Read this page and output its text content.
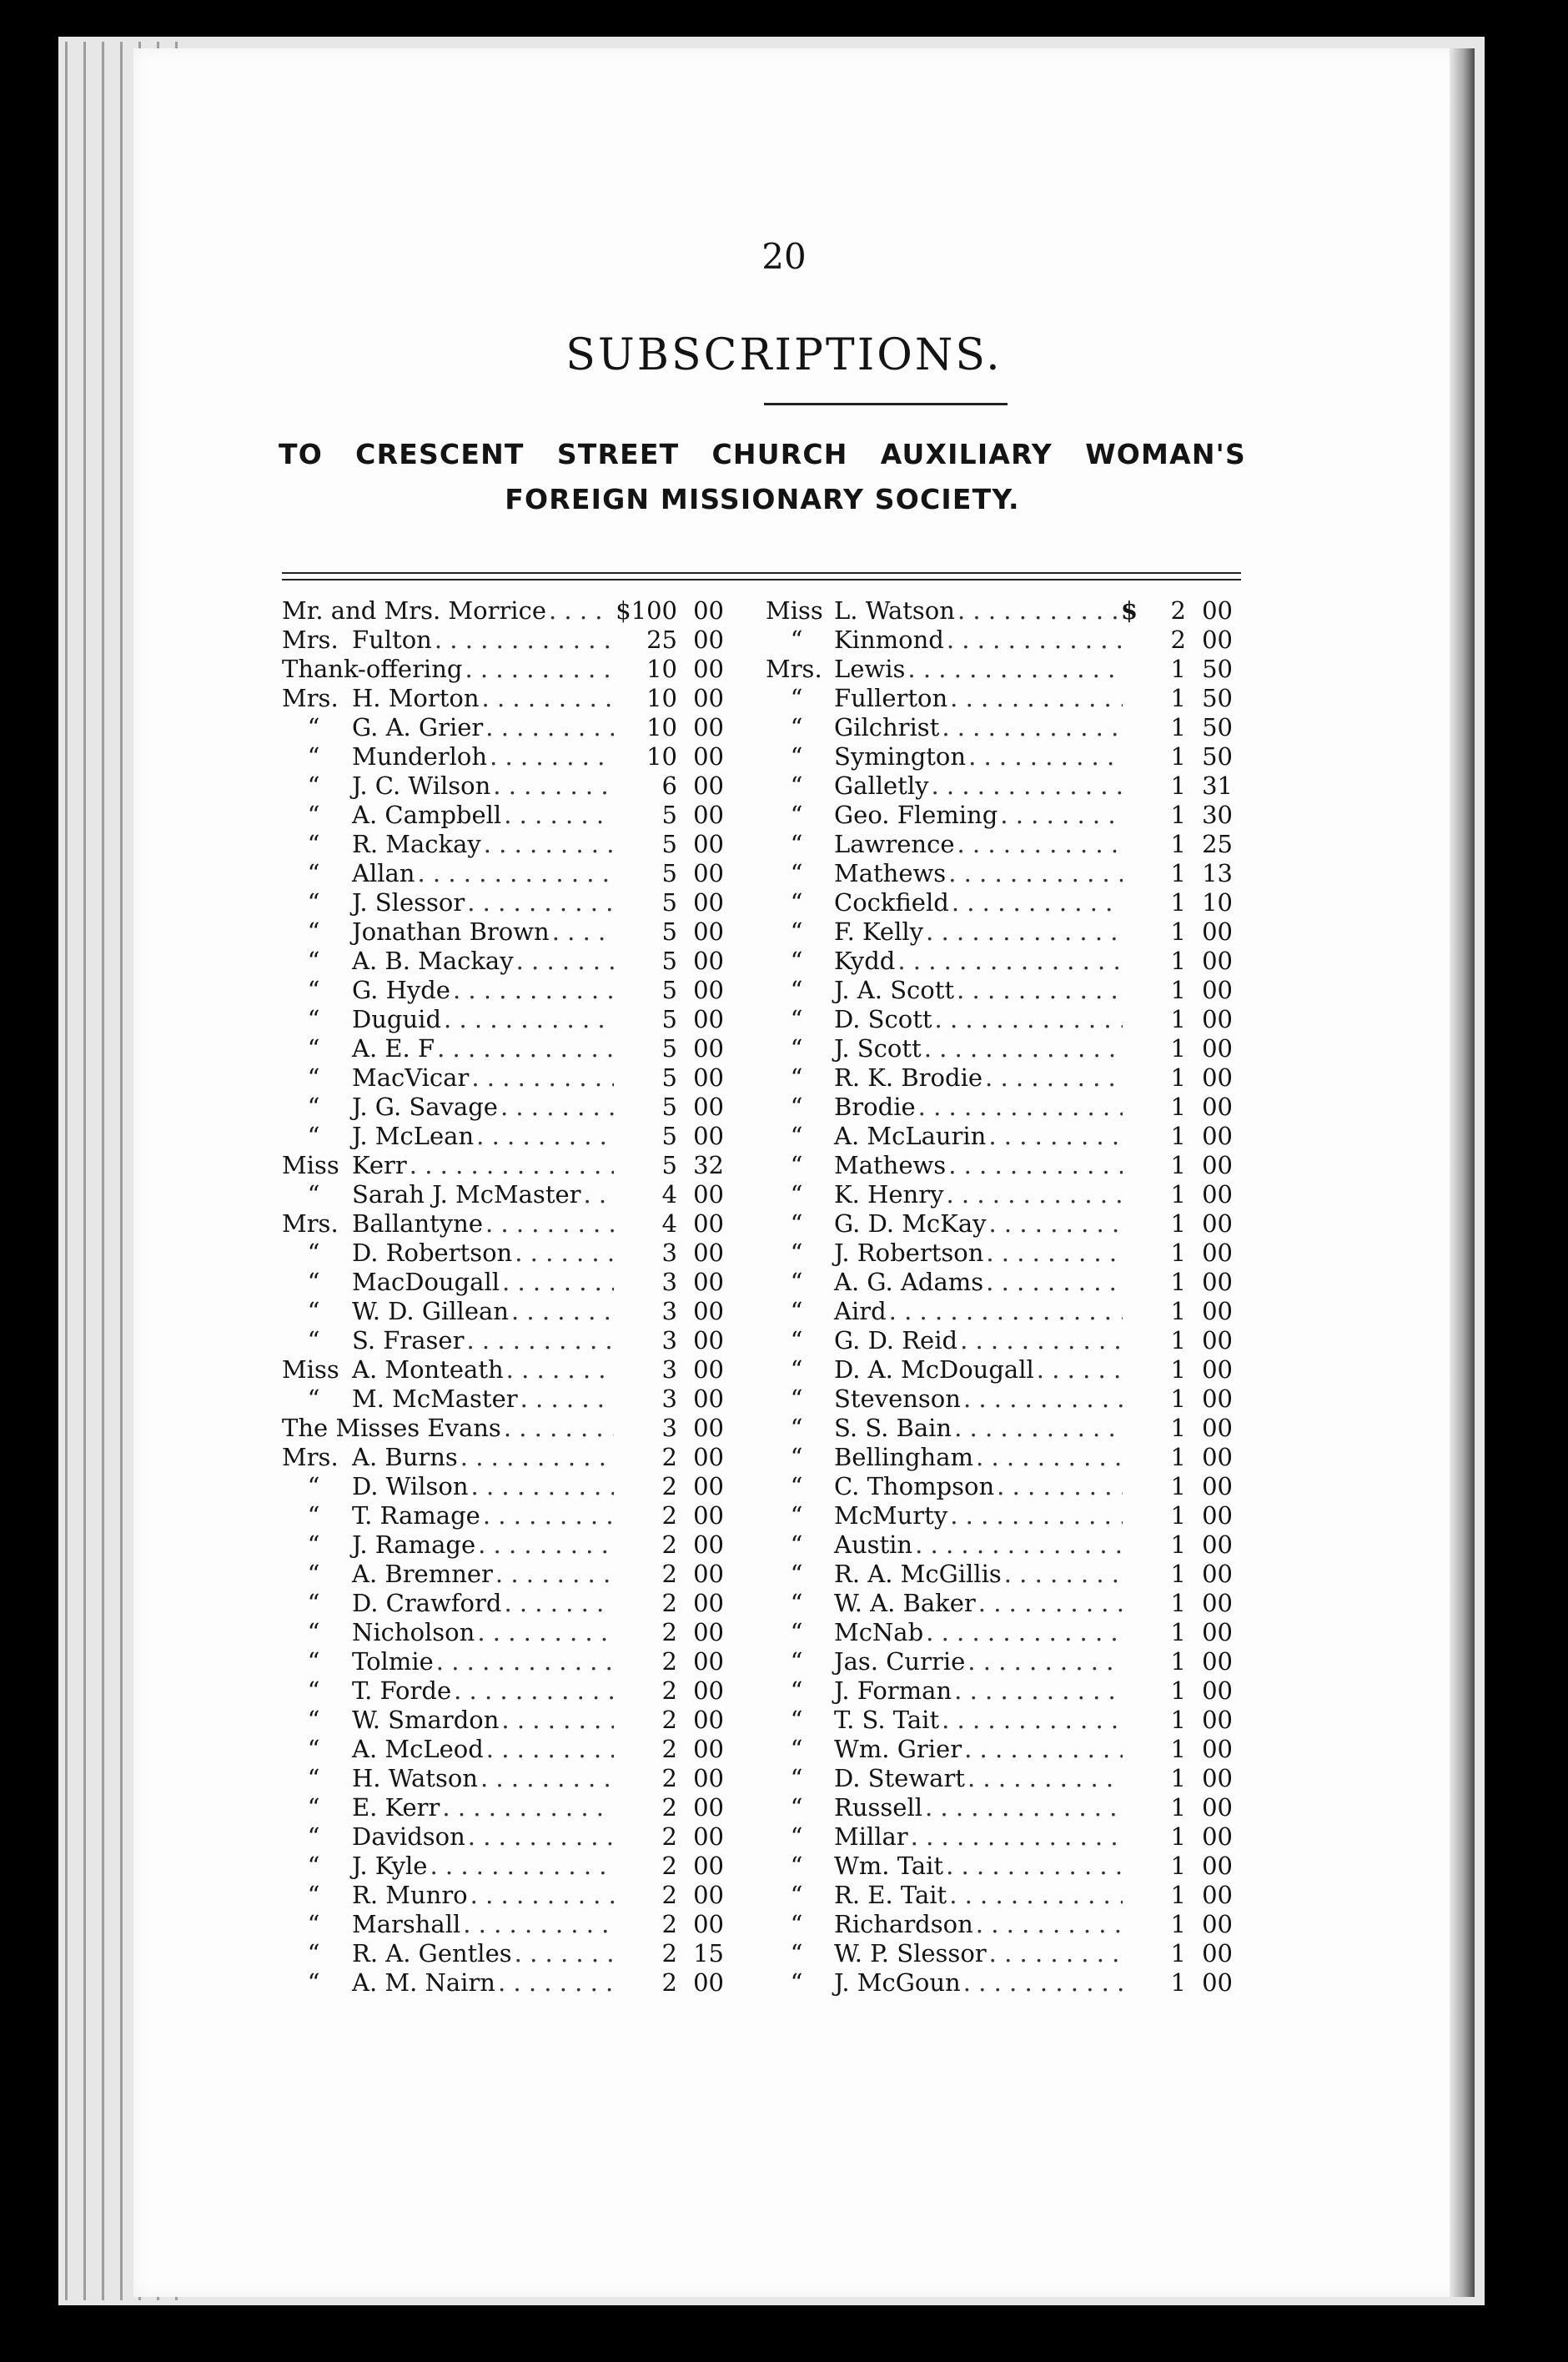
20
SUBSCRIPTIONS.
TO CRESCENT STREET CHURCH AUXILIARY WOMAN'S
FOREIGN MISSIONARY SOCIETY.
Mr. and Mrs. Morrice . . .	$100 00
Mrs. Fulton . . .	25 00
Thank-offering . . .	10 00
Mrs. H. Morton . . .	10 00
“	G. A. Grier . . .	10 00
“	Munderloh . . .	10 00
“	J. C. Wilson . . .	6 00
“	A. Campbell . . .	5 00
“	R. Mackay . . .	5 00
“	Allan . . .	5 00
“	J. Slessor . . .	5 00
“	Jonathan Brown . . .	5 00
“	A. B. Mackay . . .	5 00
“	G. Hyde . . .	5 00
“	Duguid . . .	5 00
“	A. E. F . . .	5 00
“	MacVicar . . .	5 00
“	J. G. Savage . . .	5 00
“	J. McLean . . .	5 00
Miss Kerr . . .	5 32
“	Sarah J. McMaster . . .	4 00
Mrs. Ballantyne . . .	4 00
“	D. Robertson . . .	3 00
“	MacDougall . . .	3 00
“	W. D. Gillean . . .	3 00
“	S. Fraser . . .	3 00
Miss A. Monteath . . .	3 00
“	M. McMaster . . .	3 00
The Misses Evans . . .	3 00
Mrs. A. Burns . . .	2 00
“	D. Wilson . . .	2 00
“	T. Ramage . . .	2 00
“	J. Ramage . . .	2 00
“	A. Bremner . . .	2 00
“	D. Crawford . . .	2 00
“	Nicholson . . .	2 00
“	Tolmie . . .	2 00
“	T. Forde . . .	2 00
“	W. Smardon . . .	2 00
“	A. McLeod . . .	2 00
“	H. Watson . . .	2 00
“	E. Kerr . . .	2 00
“	Davidson . . .	2 00
“	J. Kyle . . .	2 00
“	R. Munro . . .	2 00
“	Marshall . . .	2 00
“	R. A. Gentles . . .	2 15
“	A. M. Nairn . . .	2 00
Miss L. Watson . . .	$	2 00
“	Kinmond . . .	2 00
Mrs. Lewis . . .	1 50
“	Fullerton . . .	1 50
“	Gilchrist . . .	1 50
“	Symington . . .	1 50
“	Galletly . . .	1 31
“	Geo. Fleming . . .	1 30
“	Lawrence . . .	1 25
“	Mathews . . .	1 13
“	Cockfield . . .	1 10
“	F. Kelly . . .	1 00
“	Kydd . . .	1 00
“	J. A. Scott . . .	1 00
“	D. Scott . . .	1 00
“	J. Scott . . .	1 00
“	R. K. Brodie . . .	1 00
“	Brodie . . .	1 00
“	A. McLaurin . . .	1 00
“	Mathews . . .	1 00
“	K. Henry . . .	1 00
“	G. D. McKay . . .	1 00
“	J. Robertson . . .	1 00
“	A. G. Adams . . .	1 00
“	Aird . . .	1 00
“	G. D. Reid . . .	1 00
“	D. A. McDougall . . .	1 00
“	Stevenson . . .	1 00
“	S. S. Bain . . .	1 00
“	Bellingham . . .	1 00
“	C. Thompson . . .	1 00
“	McMurty . . .	1 00
“	Austin . . .	1 00
“	R. A. McGillis . . .	1 00
“	W. A. Baker . . .	1 00
“	McNab . . .	1 00
“	Jas. Currie . . .	1 00
“	J. Forman . . .	1 00
“	T. S. Tait . . .	1 00
“	Wm. Grier . . .	1 00
“	D. Stewart . . .	1 00
“	Russell . . .	1 00
“	Millar . . .	1 00
“	Wm. Tait . . .	1 00
“	R. E. Tait . . .	1 00
“	Richardson . . .	1 00
“	W. P. Slessor . . .	1 00
“	J. McGoun . . .	1 00
